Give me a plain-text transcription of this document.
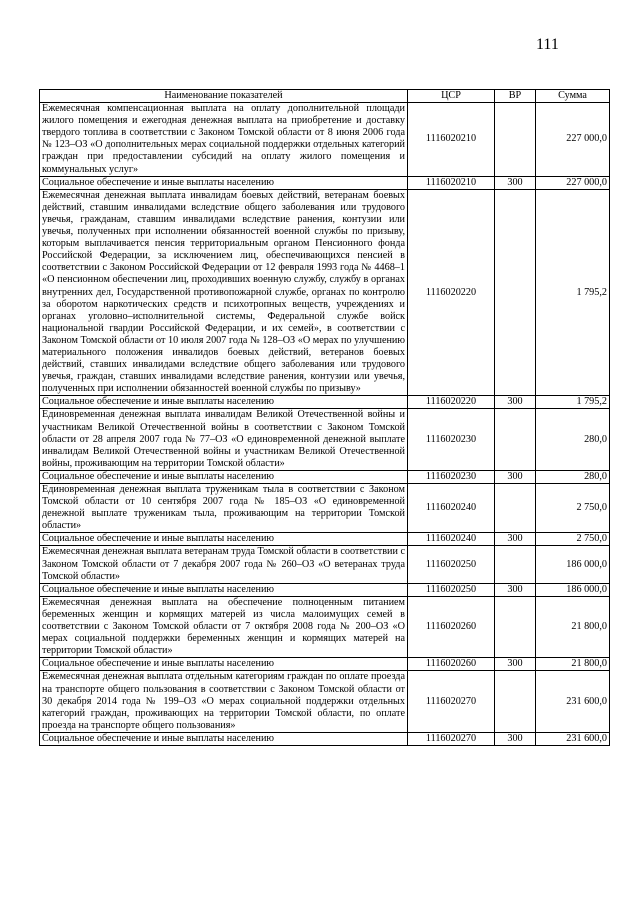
111
Наименование показателей	ЦСР	ВР	Сумма
Ежемесячная компенсационная выплата на оплату дополнительной площади жилого помещения и ежегодная денежная выплата на приобретение и доставку твердого топлива в соответствии с Законом Томской области от 8 июня 2006 года № 123–ОЗ «О дополнительных мерах социальной поддержки отдельных категорий граждан при предоставлении субсидий на оплату жилого помещения и коммунальных услуг»	1116020210		227 000,0
Социальное обеспечение и иные выплаты населению	1116020210	300	227 000,0
Ежемесячная денежная выплата инвалидам боевых действий, ветеранам боевых действий, ставшим инвалидами вследствие общего заболевания или трудового увечья, гражданам, ставшим инвалидами вследствие ранения, контузии или увечья, полученных при исполнении обязанностей военной службы по призыву, которым выплачивается пенсия территориальным органом Пенсионного фонда Российской Федерации, за исключением лиц, обеспечивающихся пенсией в соответствии с Законом Российской Федерации от 12 февраля 1993 года № 4468–1 «О пенсионном обеспечении лиц, проходивших военную службу, службу в органах внутренних дел, Государственной противопожарной службе, органах по контролю за оборотом наркотических средств и психотропных веществ, учреждениях и органах уголовно–исполнительной системы, Федеральной службе войск национальной гвардии Российской Федерации, и их семей», в соответствии с Законом Томской области от 10 июля 2007 года № 128–ОЗ «О мерах по улучшению материального положения инвалидов боевых действий, ветеранов боевых действий, ставших инвалидами вследствие общего заболевания или трудового увечья, граждан, ставших инвалидами вследствие ранения, контузии или увечья, полученных при исполнении обязанностей военной службы по призыву»	1116020220		1 795,2
Социальное обеспечение и иные выплаты населению	1116020220	300	1 795,2
Единовременная денежная выплата инвалидам Великой Отечественной войны и участникам Великой Отечественной войны в соответствии с Законом Томской области от 28 апреля 2007 года № 77–ОЗ «О единовременной денежной выплате инвалидам Великой Отечественной войны и участникам Великой Отечественной войны, проживающим на территории Томской области»	1116020230		280,0
Социальное обеспечение и иные выплаты населению	1116020230	300	280,0
Единовременная денежная выплата труженикам тыла в соответствии с Законом Томской области от 10 сентября 2007 года № 185–ОЗ «О единовременной денежной выплате труженикам тыла, проживающим на территории Томской области»	1116020240		2 750,0
Социальное обеспечение и иные выплаты населению	1116020240	300	2 750,0
Ежемесячная денежная выплата ветеранам труда Томской области в соответствии с Законом Томской области от 7 декабря 2007 года № 260–ОЗ «О ветеранах труда Томской области»	1116020250		186 000,0
Социальное обеспечение и иные выплаты населению	1116020250	300	186 000,0
Ежемесячная денежная выплата на обеспечение полноценным питанием беременных женщин и кормящих матерей из числа малоимущих семей в соответствии с Законом Томской области от 7 октября 2008 года № 200–ОЗ «О мерах социальной поддержки беременных женщин и кормящих матерей на территории Томской области»	1116020260		21 800,0
Социальное обеспечение и иные выплаты населению	1116020260	300	21 800,0
Ежемесячная денежная выплата отдельным категориям граждан по оплате проезда на транспорте общего пользования в соответствии с Законом Томской области от 30 декабря 2014 года № 199–ОЗ «О мерах социальной поддержки отдельных категорий граждан, проживающих на территории Томской области, по оплате проезда на транспорте общего пользования»	1116020270		231 600,0
Социальное обеспечение и иные выплаты населению	1116020270	300	231 600,0
